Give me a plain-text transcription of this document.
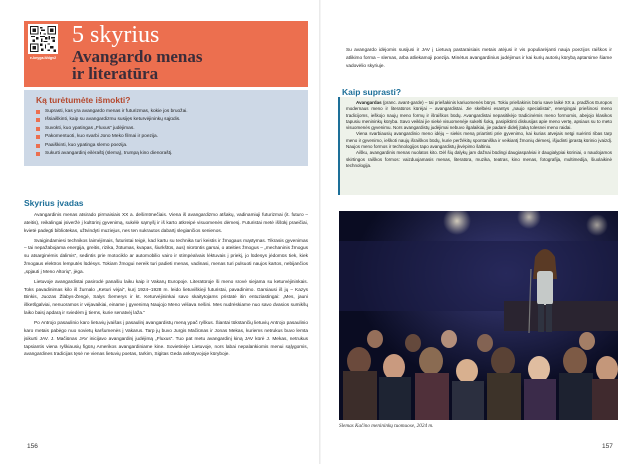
e-knyga.lt/dgv2
5 skyrius
Avangardo menas
ir literatūra
Suprasti, kas yra avangardo menas ir futurizmas, kokie jos bruožai.
Išsiaiškinti, kaip su avangardizmu susijęs keturvėjininkų sąjūdis.
Suvokti, kuo ypatingas „Fluxus“ judėjimas.
Pakomentuoti, kuo svarbi Jono Meko filmai ir poezija.
Paaiškinti, kuo ypatinga slemo poezija.
Sukurti avangardinį eilėraštį (slemą), trumpą kino dienoraštį.
Ką turėtumėte išmokti?
Skyrius įvadas

Avangardinis menas atsirado pirmaisiais XX a. dešimtmečiais. Viena iš avangardizmo atšakų, vadinamiuji futurizmai (it. futuro – ateitis), reikalingai įsiveržė į kultūrinį gyvenimą, sukėlė sąmyšį ir iš karto atkreipė visuomenės dėmesį. Futuristai metė iššūkį praeičiai, kvietė padegti bibliotekas, užtvindyti muziejus, nes ten sukrautos dabartį slegiančios senienos.

Svaigindamiesi technikos laimėjimais, futuristai teigė, kad kartu su technika turi keistis ir žmogaus mąstymas. Tikrasis gyvenimas – tai nepažabojama energija, greitis, rizika, žūtumas, kvapas, šiurkštūs, aus) niūrūntis garsai, o ateities žmogus – „mechaninis žmogus su atsarginėmis dalimis“, sedintis prie motociklo ar automobilio vairo ir stimpėalvais lėktuvais į priekį, jo lūdesys jėdomūs tiek, kiek žmogaus elektros lemputės lūdėsys. Tokiam žmogui nereik turi padieti menas, vadinasi, menas turi pulsuoti naujos kartos, nebijančios „spjauti į Meno Altorių“, jėga.

Lietuvoje avangardistai pasirodė panašiu laiku kaip ir Vakarų Europoje. Literatūroje ši meno srovė siejama su keturvėjininkais. Toks pavadinimas kilo iš žurnalo „Keturi vėjai“, kurį 1924–1928 m. leido lietuviškieji futuristai, pavadinimo. Garsiausi iš jų – Kazys Binkis, Juozas Žlabys-Žengė, Salys Šemerys ir kt. Keturvėjininkai savo skaitytojams pristatė itin entuziastingai: „Mes, jauni išketšgalviai, nenuoramos ir vėjavaikiai, einame į gyvenimą Naujojo Meno vėliava nešini. Mes nudrėskiame nuo savo dvasios sumikšų laiko baisį apdarą ir sviedėm jį tiems, kurie senatvėj laža.“

Po Antrojo pasaulinio karo lietuvių įvaišas į pasaulinį avangardistų meną ypač ryškus. Šiantai tūkstančių lietuvių Antrojo pasaulinio karo metais pabėgo nuo sovietų karšumenės į Vakarus. Tarp jų buvo Jurgis Mačiūnas ir Jonas Mekas, kuriems netrukus buvo lemta įsikurti JAV. J. Mačiūnas JAV inicijavo avangardinį judėjimą „Fluxus“. Tuo pat metu avangardinį kiną JAV kūrė J. Mekas, netrukus tapsiantis viena ryškiausių figūrų Amerikos avangardiniame kine. Sovietinėje Lietuvoje, nors labai nepalankiomis menui sąlygomis, avangardines tradicijas tęsė ne vienas lietuvių poetas, tarkim, Sigitas Geda ankstyvojoje kūryboje.

156
Su avangardo idėjomis susijusi ir JAV į Lietuvą pastaraisiais metais atėjusi ir vis populiarėjanti nauja poezijos raiškos ir atlikimo forma – slemas, arba atliekamoji poezija. Minėtus avangardinius judėjimus ir kai kurių autorių kūrybą aptarsime šiame vadovėlio skyriuje.
Kaip suprasti?

Avangardas (pranc. avant-garde) – tai priešakinis kariuomenės būrys. Tokiu priešakinis būriu save laikė XX a. pradžios Europos modernaus meno ir literatūros kūrėjai – avangardistai. Jie skelbėsi esantys „naujo specialistai“, energingai priešinosi meno tradicijoms, ieškojo naujų meno formų ir išraiškos būdų. Avangardistai nepasitikėjo tradicinėmis meno formomis, abejojo klasikos tapusiu menininkų kūryba. Savo veiklai jie siekė visuomenėje sukelti šoką, pasipiktinti diskusijas apie meno vertę, apsiaus su to meto visuomenės gyvenimu. Nors avangardistų judėjimai nebuvo ilgalaikiai, jie padarė didelį įtaką tolesnei meno raidai.

Viena svarbiausių avangardinio meno idėjų – siekis meną priartinti prie gyvenimo, kai kurias atvejais netgi suėrinti ribas tarp meno ir gyvenimo, ieškoti naujų išraiškos būdų, kurie peržėkitų spontaniška ir veikiantį žmonių dėmesį, išjudinti įprastą kūrinio įvaizdį. Naujos meno formos ir technologijos tapo avangardistų įkvėpimo šaltiniu.

Aišku, avangardinis menas nuolatos kito. Dėl šių dalykų jam dažnai būdingi daugiaspalviai ir daugialypiai kūriniai, o naudojamos skirtingos raiškos formos: vaizduojamasis menas, literatūra, muzika, teatras, kino menas, fotografija, multimedija, šiuolaikinė technologija.

Slemas Kačino menininkų tuomuose, 2024 m.
157
